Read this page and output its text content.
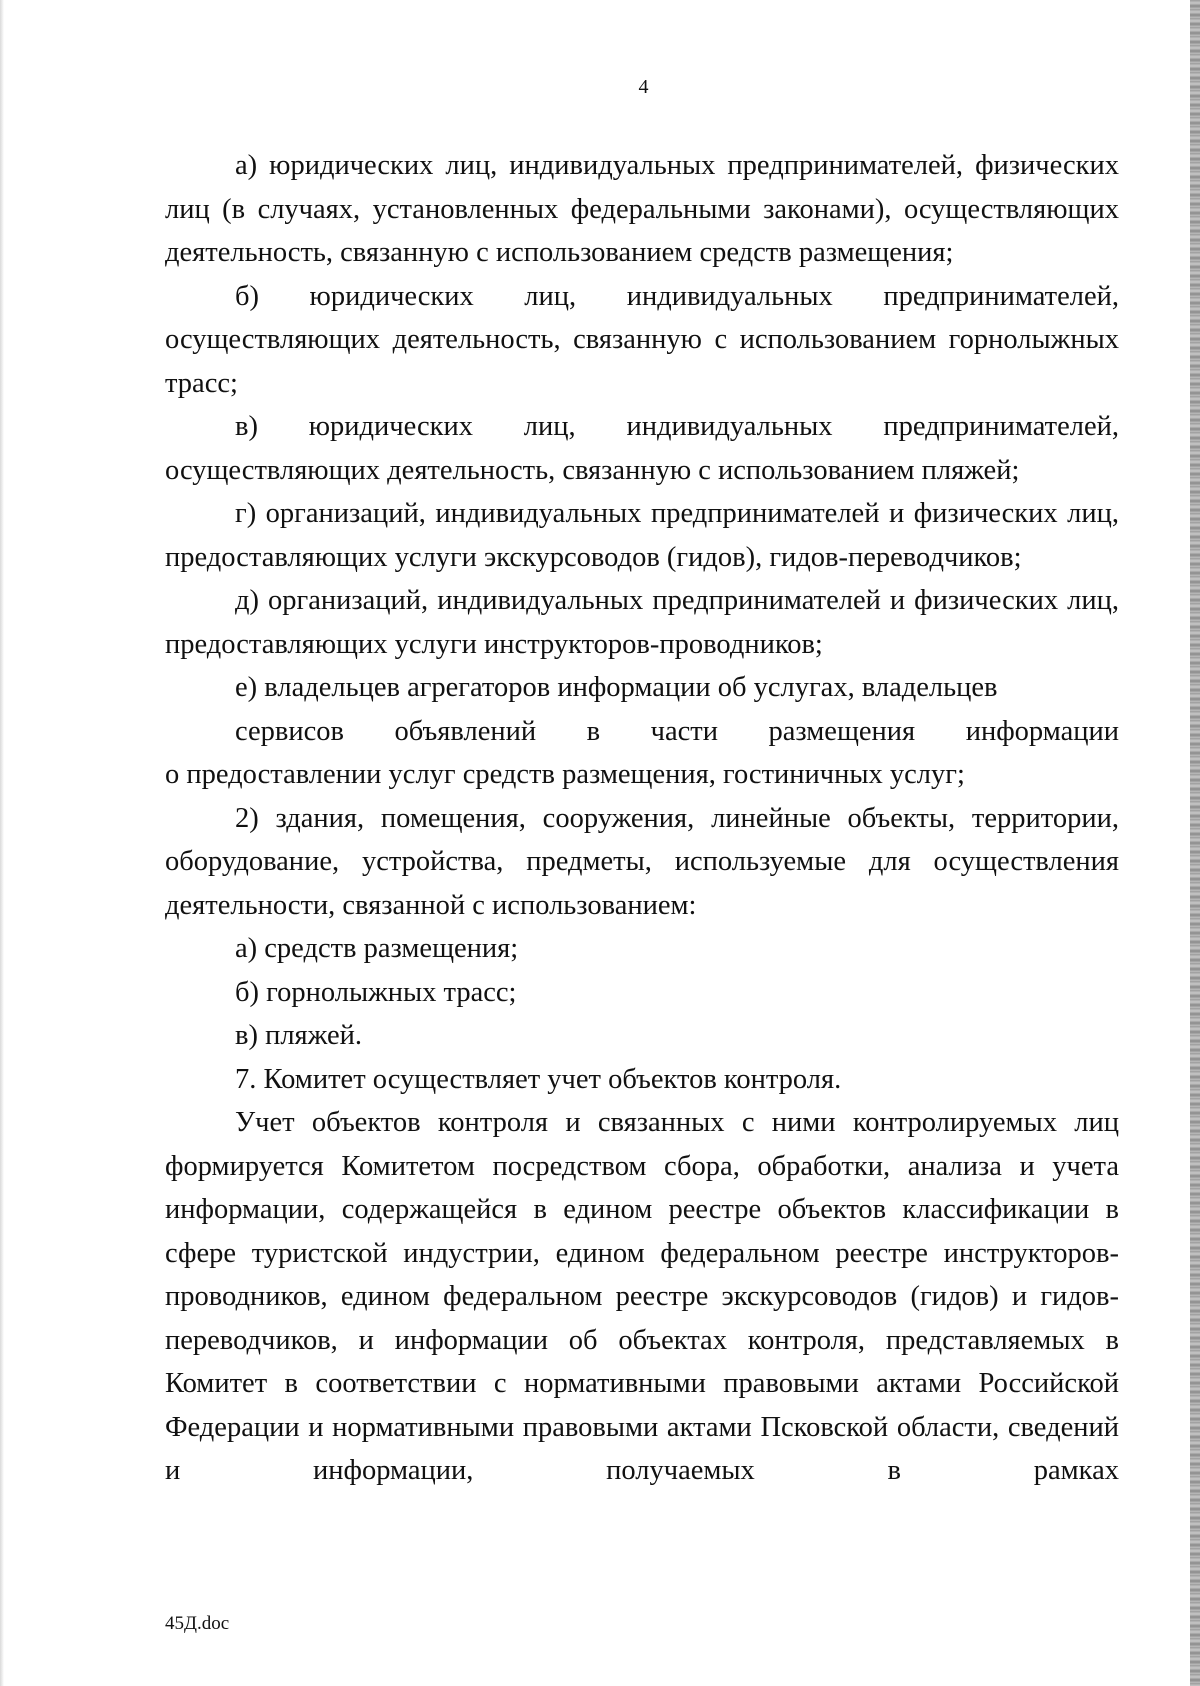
4

а) юридических лиц, индивидуальных предпринимателей, физических лиц (в случаях, установленных федеральными законами), осуществляющих деятельность, связанную с использованием средств размещения;

б) юридических лиц, индивидуальных предпринимателей, осуществляющих деятельность, связанную с использованием горнолыжных трасс;

в) юридических лиц, индивидуальных предпринимателей, осуществляющих деятельность, связанную с использованием пляжей;

г) организаций, индивидуальных предпринимателей и физических лиц, предоставляющих услуги экскурсоводов (гидов), гидов-переводчиков;

д) организаций, индивидуальных предпринимателей и физических лиц, предоставляющих услуги инструкторов-проводников;

е) владельцев агрегаторов информации об услугах, владельцев

сервисов объявлений в части размещения информации

о предоставлении услуг средств размещения, гостиничных услуг;

2) здания, помещения, сооружения, линейные объекты, территории, оборудование, устройства, предметы, используемые для осуществления деятельности, связанной с использованием:

а) средств размещения;

б) горнолыжных трасс;

в) пляжей.

7. Комитет осуществляет учет объектов контроля.

Учет объектов контроля и связанных с ними контролируемых лиц формируется Комитетом посредством сбора, обработки, анализа и учета информации, содержащейся в едином реестре объектов классификации в сфере туристской индустрии, едином федеральном реестре инструкторов-проводников, едином федеральном реестре экскурсоводов (гидов) и гидов-переводчиков, и информации об объектах контроля, представляемых в Комитет в соответствии с нормативными правовыми актами Российской Федерации и нормативными правовыми актами Псковской области, сведений и информации, получаемых в рамках

45Д.doc
